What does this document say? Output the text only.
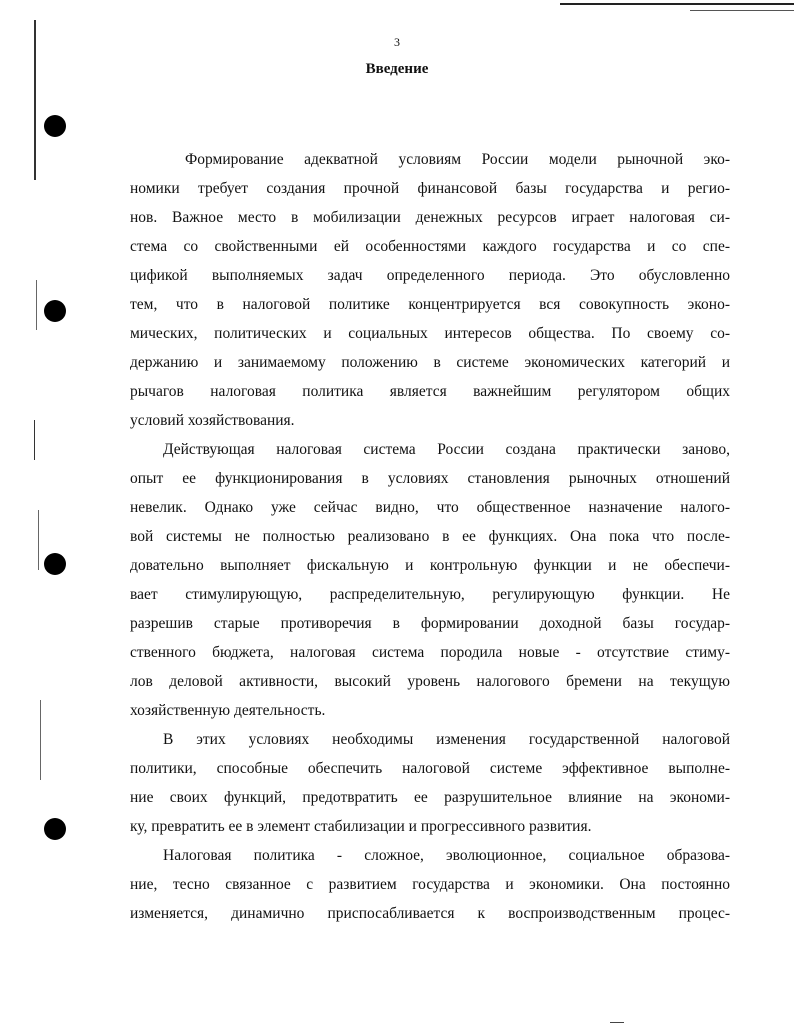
3
Введение

Формирование адекватной условиям России модели рыночной эко-
номики требует создания прочной финансовой базы государства и регио-
нов. Важное место в мобилизации денежных ресурсов играет налоговая си-
стема со свойственными ей особенностями каждого государства и со спе-
цификой выполняемых задач определенного периода. Это обусловленно
тем, что в налоговой политике концентрируется вся совокупность эконо-
мических, политических и социальных интересов общества. По своему со-
держанию и занимаемому положению в системе экономических категорий и
рычагов налоговая политика является важнейшим регулятором общих
условий хозяйствования.

Действующая налоговая система России создана практически заново,
опыт ее функционирования в условиях становления рыночных отношений
невелик. Однако уже сейчас видно, что общественное назначение налого-
вой системы не полностью реализовано в ее функциях. Она пока что после-
довательно выполняет фискальную и контрольную функции и не обеспечи-
вает стимулирующую, распределительную, регулирующую функции. Не
разрешив старые противоречия в формировании доходной базы государ-
ственного бюджета, налоговая система породила новые - отсутствие стиму-
лов деловой активности, высокий уровень налогового бремени на текущую
хозяйственную деятельность.

В этих условиях необходимы изменения государственной налоговой
политики, способные обеспечить налоговой системе эффективное выполне-
ние своих функций, предотвратить ее разрушительное влияние на экономи-
ку, превратить ее в элемент стабилизации и прогрессивного развития.

Налоговая политика - сложное, эволюционное, социальное образова-
ние, тесно связанное с развитием государства и экономики. Она постоянно
изменяется, динамично приспосабливается к воспроизводственным процес-
